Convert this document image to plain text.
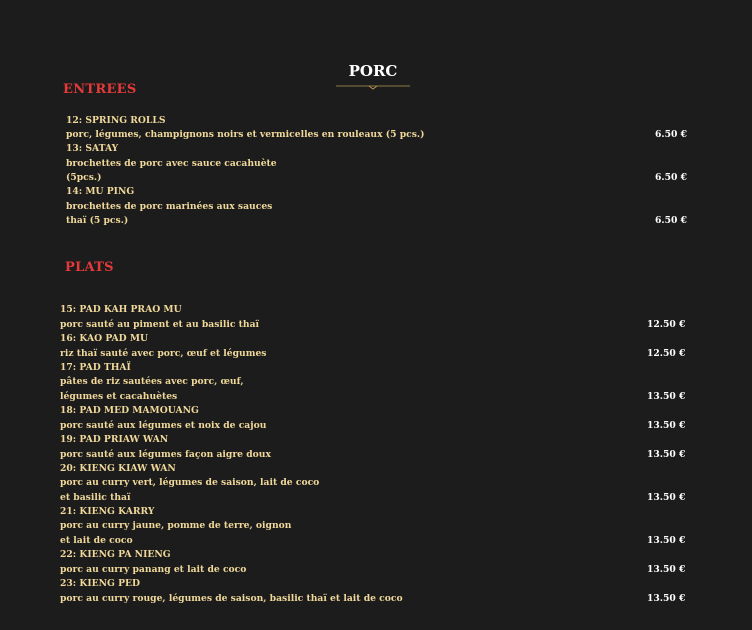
PORC
ENTREES
12: SPRING ROLLS
porc, légumes, champignons noirs et vermicelles en rouleaux (5 pcs.)	6.50 €
13: SATAY
brochettes de porc avec sauce cacahuète
(5pcs.)	6.50 €
14: MU PING
brochettes de porc marinées aux sauces
thaï (5 pcs.)	6.50 €
PLATS
15: PAD KAH PRAO MU
porc sauté au piment et au basilic thaï	12.50 €
16: KAO PAD MU
riz thaï sauté avec porc, œuf et légumes	12.50 €
17: PAD THAÏ
pâtes de riz sautées avec porc, œuf,
légumes et cacahuètes	13.50 €
18: PAD MED MAMOUANG
porc sauté aux légumes et noix de cajou	13.50 €
19: PAD PRIAW WAN
porc sauté aux légumes façon aigre doux	13.50 €
20: KIENG KIAW WAN
porc au curry vert, légumes de saison, lait de coco
et basilic thaï	13.50 €
21: KIENG KARRY
porc au curry jaune, pomme de terre, oignon
et lait de coco	13.50 €
22: KIENG PA NIENG
porc au curry panang et lait de coco	13.50 €
23: KIENG PED
porc au curry rouge, légumes de saison, basilic thaï et lait de coco	13.50 €
